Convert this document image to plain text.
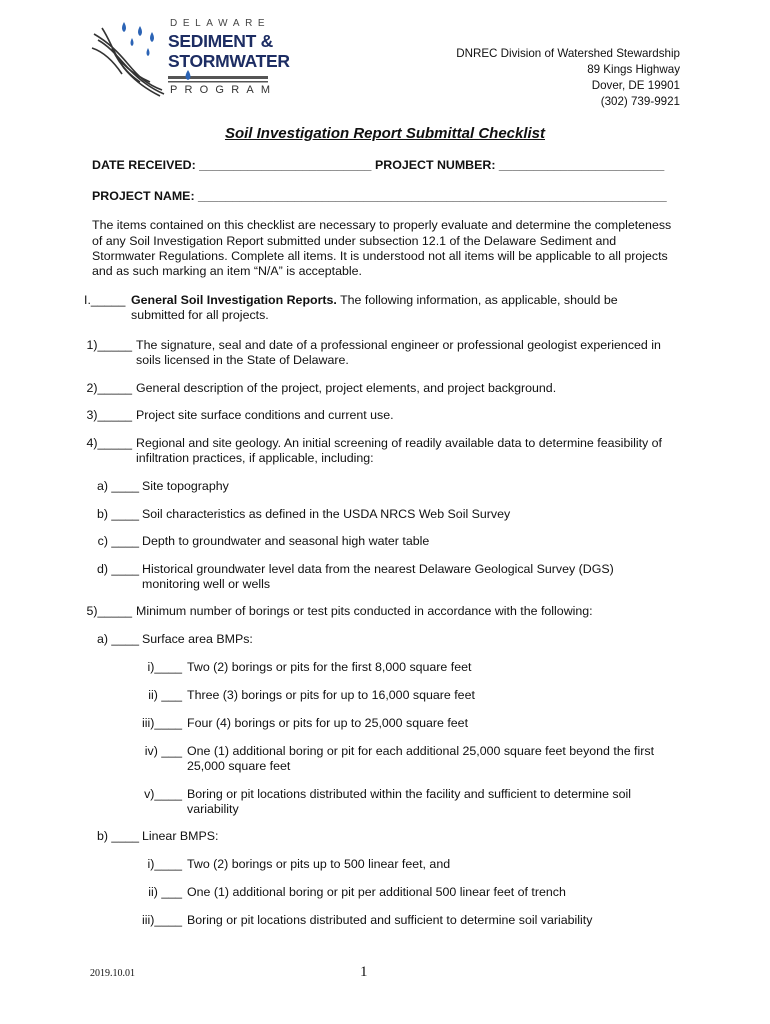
DELAWARE
SEDIMENT &
STORMWATER
PROGRAM
DNREC Division of Watershed Stewardship
89 Kings Highway
Dover, DE 19901
(302) 739-9921
Soil Investigation Report Submittal Checklist
DATE RECEIVED: _________________________ PROJECT NUMBER: ________________________
PROJECT NAME: ____________________________________________________________________
The items contained on this checklist are necessary to properly evaluate and determine the completeness
of any Soil Investigation Report submitted under subsection 12.1 of the Delaware Sediment and
Stormwater Regulations. Complete all items. It is understood not all items will be applicable to all projects
and as such marking an item “N/A” is acceptable.
I._____ General Soil Investigation Reports. The following information, as applicable, should be
submitted for all projects.
1)_____ The signature, seal and date of a professional engineer or professional geologist experienced in
soils licensed in the State of Delaware.
2)_____ General description of the project, project elements, and project background.
3)_____ Project site surface conditions and current use.
4)_____ Regional and site geology. An initial screening of readily available data to determine feasibility of
infiltration practices, if applicable, including:
a) ____ Site topography
b) ____ Soil characteristics as defined in the USDA NRCS Web Soil Survey
c) ____ Depth to groundwater and seasonal high water table
d) ____ Historical groundwater level data from the nearest Delaware Geological Survey (DGS)
monitoring well or wells
5)_____ Minimum number of borings or test pits conducted in accordance with the following:
a) ____ Surface area BMPs:
i)____ Two (2) borings or pits for the first 8,000 square feet
ii) ___ Three (3) borings or pits for up to 16,000 square feet
iii)____ Four (4) borings or pits for up to 25,000 square feet
iv) ___ One (1) additional boring or pit for each additional 25,000 square feet beyond the first
25,000 square feet
v)____ Boring or pit locations distributed within the facility and sufficient to determine soil
variability
b) ____ Linear BMPS:
i)____ Two (2) borings or pits up to 500 linear feet, and
ii) ___ One (1) additional boring or pit per additional 500 linear feet of trench
iii)____ Boring or pit locations distributed and sufficient to determine soil variability
2019.10.01	1
